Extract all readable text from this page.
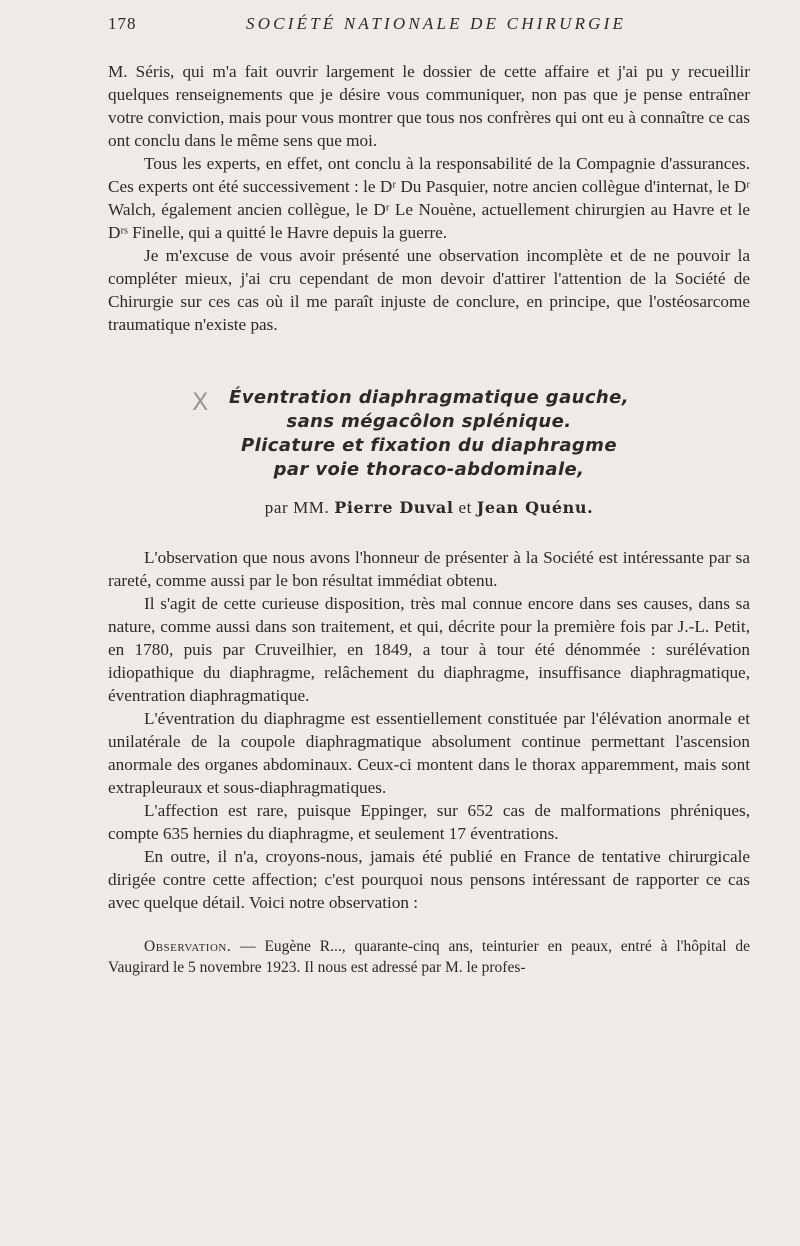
178	SOCIÉTÉ NATIONALE DE CHIRURGIE

M. Séris, qui m'a fait ouvrir largement le dossier de cette affaire et j'ai pu y recueillir quelques renseignements que je désire vous communiquer, non pas que je pense entraîner votre conviction, mais pour vous montrer que tous nos confrères qui ont eu à connaître ce cas ont conclu dans le même sens que moi.

Tous les experts, en effet, ont conclu à la responsabilité de la Compagnie d'assurances. Ces experts ont été successivement : le Dʳ Du Pasquier, notre ancien collègue d'internat, le Dʳ Walch, également ancien collègue, le Dʳ Le Nouène, actuellement chirurgien au Havre et le Dʳˢ Finelle, qui a quitté le Havre depuis la guerre.

Je m'excuse de vous avoir présenté une observation incomplète et de ne pouvoir la compléter mieux, j'ai cru cependant de mon devoir d'attirer l'attention de la Société de Chirurgie sur ces cas où il me paraît injuste de conclure, en principe, que l'ostéosarcome traumatique n'existe pas.

X	Éventration diaphragmatique gauche,
sans mégacôlon splénique.
Plicature et fixation du diaphragme
par voie thoraco-abdominale,
par MM. Pierre Duval et Jean Quénu.

L'observation que nous avons l'honneur de présenter à la Société est intéressante par sa rareté, comme aussi par le bon résultat immédiat obtenu.

Il s'agit de cette curieuse disposition, très mal connue encore dans ses causes, dans sa nature, comme aussi dans son traitement, et qui, décrite pour la première fois par J.-L. Petit, en 1780, puis par Cruveilhier, en 1849, a tour à tour été dénommée : surélévation idiopathique du diaphragme, relâchement du diaphragme, insuffisance diaphragmatique, éventration diaphragmatique.

L'éventration du diaphragme est essentiellement constituée par l'élévation anormale et unilatérale de la coupole diaphragmatique absolument continue permettant l'ascension anormale des organes abdominaux. Ceux-ci montent dans le thorax apparemment, mais sont extrapleuraux et sous-diaphragmatiques.

L'affection est rare, puisque Eppinger, sur 652 cas de malformations phréniques, compte 635 hernies du diaphragme, et seulement 17 éventrations.

En outre, il n'a, croyons-nous, jamais été publié en France de tentative chirurgicale dirigée contre cette affection; c'est pourquoi nous pensons intéressant de rapporter ce cas avec quelque détail. Voici notre observation :

Observation. — Eugène R..., quarante-cinq ans, teinturier en peaux, entré à l'hôpital de Vaugirard le 5 novembre 1923. Il nous est adressé par M. le profes-
